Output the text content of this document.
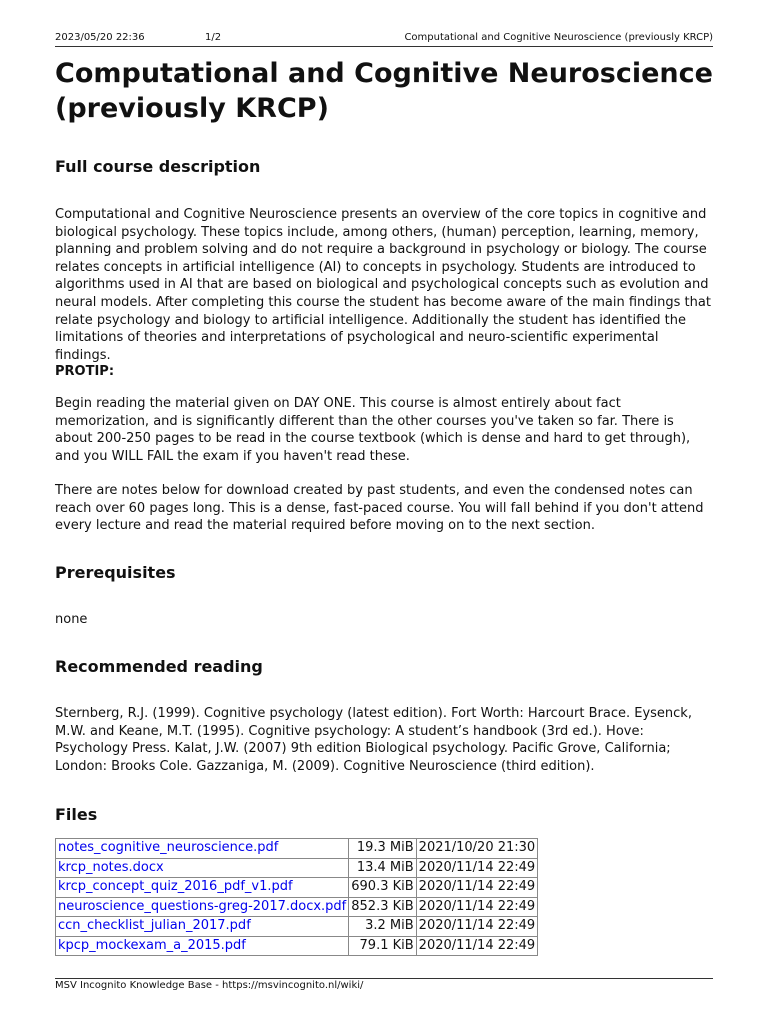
2023/05/20 22:36	1/2	Computational and Cognitive Neuroscience (previously KRCP)
Computational and Cognitive Neuroscience (previously KRCP)
Full course description

Computational and Cognitive Neuroscience presents an overview of the core topics in cognitive and biological psychology. These topics include, among others, (human) perception, learning, memory, planning and problem solving and do not require a background in psychology or biology. The course relates concepts in artificial intelligence (AI) to concepts in psychology. Students are introduced to algorithms used in AI that are based on biological and psychological concepts such as evolution and neural models. After completing this course the student has become aware of the main findings that relate psychology and biology to artificial intelligence. Additionally the student has identified the limitations of theories and interpretations of psychological and neuro-scientific experimental findings.

PROTIP:

Begin reading the material given on DAY ONE. This course is almost entirely about fact memorization, and is significantly different than the other courses you've taken so far. There is about 200-250 pages to be read in the course textbook (which is dense and hard to get through), and you WILL FAIL the exam if you haven't read these.

There are notes below for download created by past students, and even the condensed notes can reach over 60 pages long. This is a dense, fast-paced course. You will fall behind if you don't attend every lecture and read the material required before moving on to the next section.

Prerequisites

none

Recommended reading

Sternberg, R.J. (1999). Cognitive psychology (latest edition). Fort Worth: Harcourt Brace. Eysenck, M.W. and Keane, M.T. (1995). Cognitive psychology: A student’s handbook (3rd ed.). Hove: Psychology Press. Kalat, J.W. (2007) 9th edition Biological psychology. Pacific Grove, California; London: Brooks Cole. Gazzaniga, M. (2009). Cognitive Neuroscience (third edition).

Files
notes_cognitive_neuroscience.pdf	19.3 MiB	2021/10/20 21:30
krcp_notes.docx	13.4 MiB	2020/11/14 22:49
krcp_concept_quiz_2016_pdf_v1.pdf	690.3 KiB	2020/11/14 22:49
neuroscience_questions-greg-2017.docx.pdf	852.3 KiB	2020/11/14 22:49
ccn_checklist_julian_2017.pdf	3.2 MiB	2020/11/14 22:49
kpcp_mockexam_a_2015.pdf	79.1 KiB	2020/11/14 22:49
MSV Incognito Knowledge Base - https://msvincognito.nl/wiki/
